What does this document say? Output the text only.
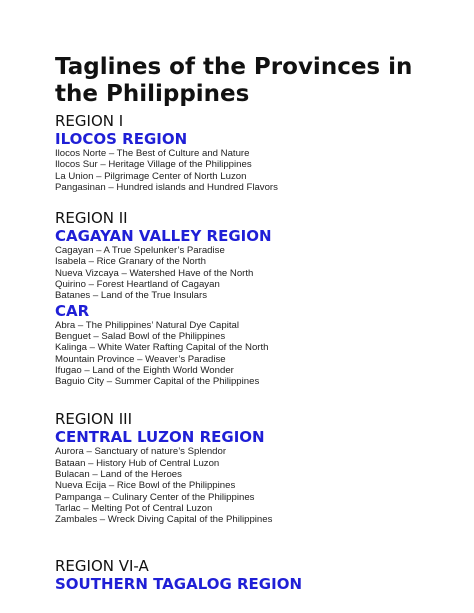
Taglines of the Provinces in the Philippines
REGION I
ILOCOS REGION
Ilocos Norte – The Best of Culture and Nature
Ilocos Sur – Heritage Village of the Philippines
La Union – Pilgrimage Center of North Luzon
Pangasinan – Hundred islands and Hundred Flavors
REGION II
CAGAYAN VALLEY REGION
Cagayan – A True Spelunker’s Paradise
Isabela – Rice Granary of the North
Nueva Vizcaya – Watershed Have of the North
Quirino – Forest Heartland of Cagayan
Batanes – Land of the True Insulars
CAR
Abra – The Philippines’ Natural Dye Capital
Benguet – Salad Bowl of the Philippines
Kalinga – White Water Rafting Capital of the North
Mountain Province – Weaver’s Paradise
Ifugao – Land of the Eighth World Wonder
Baguio City – Summer Capital of the Philippines
REGION III
CENTRAL LUZON REGION
Aurora – Sanctuary of nature’s Splendor
Bataan – History Hub of Central Luzon
Bulacan – Land of the Heroes
Nueva Ecija – Rice Bowl of the Philippines
Pampanga – Culinary Center of the Philippines
Tarlac – Melting Pot of Central Luzon
Zambales – Wreck Diving Capital of the Philippines
REGION VI-A
SOUTHERN TAGALOG REGION
